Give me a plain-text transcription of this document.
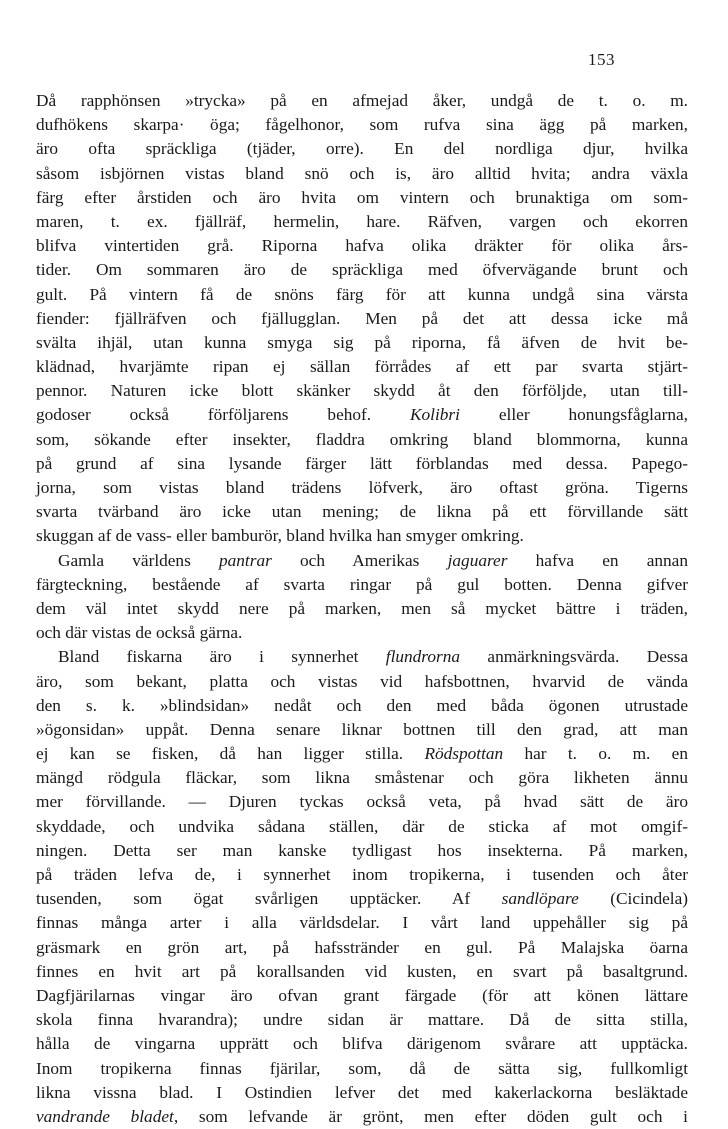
153
Då rapphönsen »trycka» på en afmejad åker, undgå de t. o. m.
dufhökens skarpa· öga; fågelhonor, som rufva sina ägg på marken,
äro ofta spräckliga (tjäder, orre). En del nordliga djur, hvilka
såsom isbjörnen vistas bland snö och is, äro alltid hvita; andra växla
färg efter årstiden och äro hvita om vintern och brunaktiga om som-
maren, t. ex. fjällräf, hermelin, hare. Räfven, vargen och ekorren
blifva vintertiden grå. Riporna hafva olika dräkter för olika års-
tider. Om sommaren äro de spräckliga med öfvervägande brunt och
gult. På vintern få de snöns färg för att kunna undgå sina värsta
fiender: fjällräfven och fjällugglan. Men på det att dessa icke må
svälta ihjäl, utan kunna smyga sig på riporna, få äfven de hvit be-
klädnad, hvarjämte ripan ej sällan förrådes af ett par svarta stjärt-
pennor. Naturen icke blott skänker skydd åt den förföljde, utan till-
godoser också förföljarens behof. Kolibri eller honungsfåglarna,
som, sökande efter insekter, fladdra omkring bland blommorna, kunna
på grund af sina lysande färger lätt förblandas med dessa. Papego-
jorna, som vistas bland trädens löfverk, äro oftast gröna. Tigerns
svarta tvärband äro icke utan mening; de likna på ett förvillande sätt
skuggan af de vass- eller bamburör, bland hvilka han smyger omkring.
Gamla världens pantrar och Amerikas jaguarer hafva en annan
färgteckning, bestående af svarta ringar på gul botten. Denna gifver
dem väl intet skydd nere på marken, men så mycket bättre i träden,
och där vistas de också gärna.
Bland fiskarna äro i synnerhet flundrorna anmärkningsvärda. Dessa
äro, som bekant, platta och vistas vid hafsbottnen, hvarvid de vända
den s. k. »blindsidan» nedåt och den med båda ögonen utrustade
»ögonsidan» uppåt. Denna senare liknar bottnen till den grad, att man
ej kan se fisken, då han ligger stilla. Rödspottan har t. o. m. en
mängd rödgula fläckar, som likna småstenar och göra likheten ännu
mer förvillande. — Djuren tyckas också veta, på hvad sätt de äro
skyddade, och undvika sådana ställen, där de sticka af mot omgif-
ningen. Detta ser man kanske tydligast hos insekterna. På marken,
på träden lefva de, i synnerhet inom tropikerna, i tusenden och åter
tusenden, som ögat svårligen upptäcker. Af sandlöpare (Cicindela)
finnas många arter i alla världsdelar. I vårt land uppehåller sig på
gräsmark en grön art, på hafsstränder en gul. På Malajska öarna
finnes en hvit art på korallsanden vid kusten, en svart på basaltgrund.
Dagfjärilarnas vingar äro ofvan grant färgade (för att könen lättare
skola finna hvarandra); undre sidan är mattare. Då de sitta stilla,
hålla de vingarna upprätt och blifva därigenom svårare att upptäcka.
Inom tropikerna finnas fjärilar, som, då de sätta sig, fullkomligt
likna vissna blad. I Ostindien lefver det med kakerlackorna besläktade
vandrande bladet, som lefvande är grönt, men efter döden gult och i
